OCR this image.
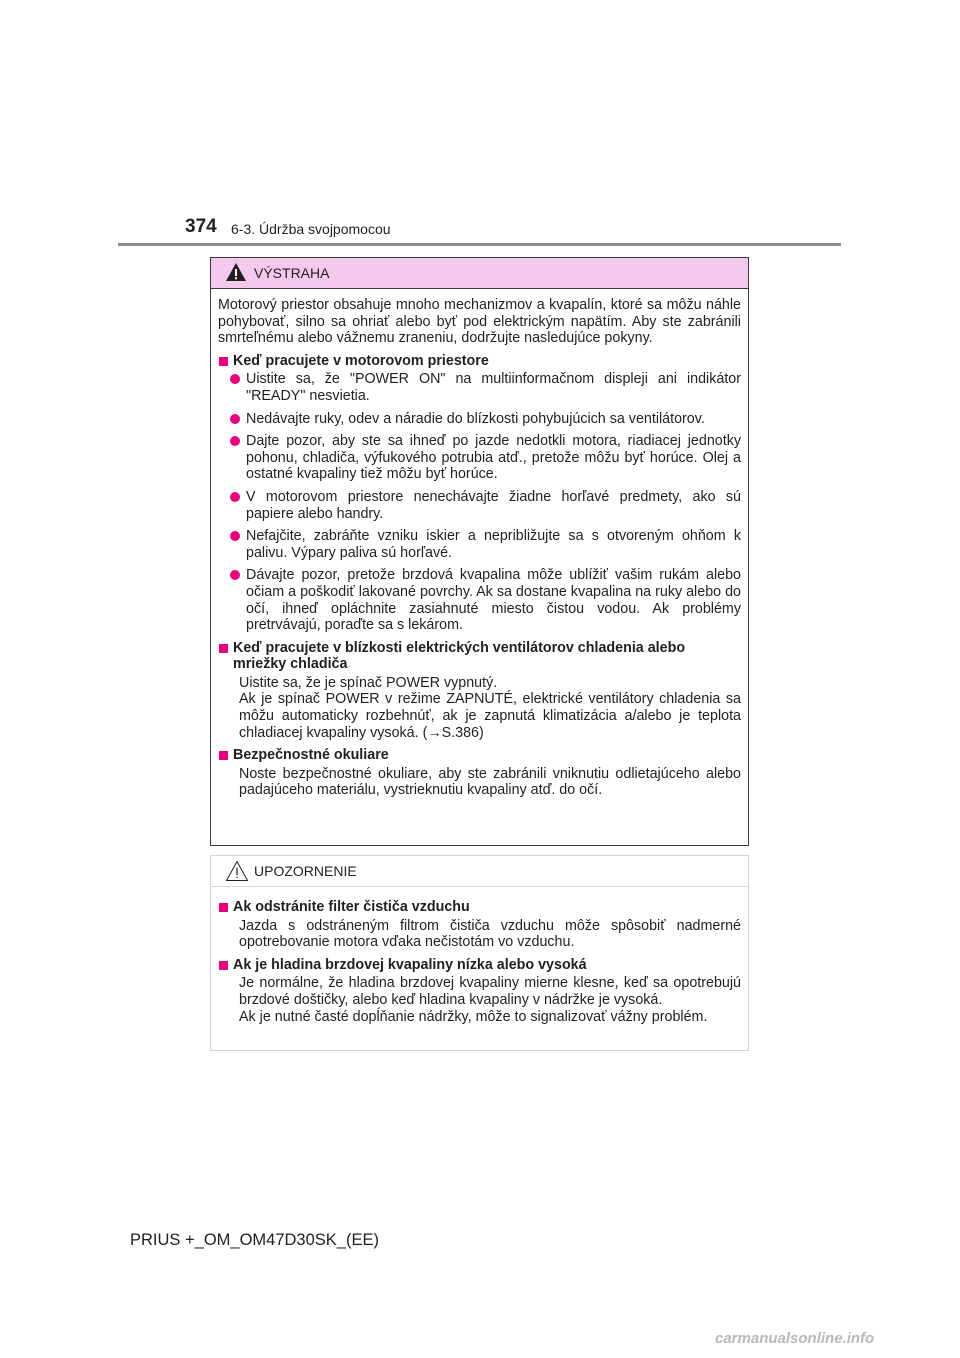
374 6-3. Údržba svojpomocou
VÝSTRAHA

Motorový priestor obsahuje mnoho mechanizmov a kvapalín, ktoré sa môžu náhle pohybovať, silno sa ohriať alebo byť pod elektrickým napätím. Aby ste zabránili smrteľnému alebo vážnemu zraneniu, dodržujte nasledujúce pokyny.

Keď pracujete v motorovom priestore
Uistite sa, že "POWER ON" na multiinformačnom displeji ani indikátor "READY" nesvietia.
Nedávajte ruky, odev a náradie do blízkosti pohybujúcich sa ventilátorov.
Dajte pozor, aby ste sa ihneď po jazde nedotkli motora, riadiacej jednotky pohonu, chladiča, výfukového potrubia atď., pretože môžu byť horúce. Olej a ostatné kvapaliny tiež môžu byť horúce.
V motorovom priestore nenechávajte žiadne horľavé predmety, ako sú papiere alebo handry.
Nefajčite, zabráňte vzniku iskier a nepribližujte sa s otvoreným ohňom k palivu. Výpary paliva sú horľavé.
Dávajte pozor, pretože brzdová kvapalina môže ublížiť vašim rukám alebo očiam a poškodiť lakované povrchy. Ak sa dostane kvapalina na ruky alebo do očí, ihneď opláchnite zasiahnuté miesto čistou vodou. Ak problémy pretrvávajú, poraďte sa s lekárom.
Keď pracujete v blízkosti elektrických ventilátorov chladenia alebo mriežky chladiča

Uistite sa, že je spínač POWER vypnutý.

Ak je spínač POWER v režime ZAPNUTÉ, elektrické ventilátory chladenia sa môžu automaticky rozbehnúť, ak je zapnutá klimatizácia a/alebo je teplota chladiacej kvapaliny vysoká. (→S.386)

Bezpečnostné okuliare

Noste bezpečnostné okuliare, aby ste zabránili vniknutiu odlietajúceho alebo padajúceho materiálu, vystrieknutiu kvapaliny atď. do očí.

UPOZORNENIE
Ak odstránite filter čističa vzduchu

Jazda s odstráneným filtrom čističa vzduchu môže spôsobiť nadmerné opotrebovanie motora vďaka nečistotám vo vzduchu.

Ak je hladina brzdovej kvapaliny nízka alebo vysoká

Je normálne, že hladina brzdovej kvapaliny mierne klesne, keď sa opotrebujú brzdové doštičky, alebo keď hladina kvapaliny v nádržke je vysoká.

Ak je nutné časté dopĺňanie nádržky, môže to signalizovať vážny problém.

PRIUS +_OM_OM47D30SK_(EE)
carmanualsonline.info
